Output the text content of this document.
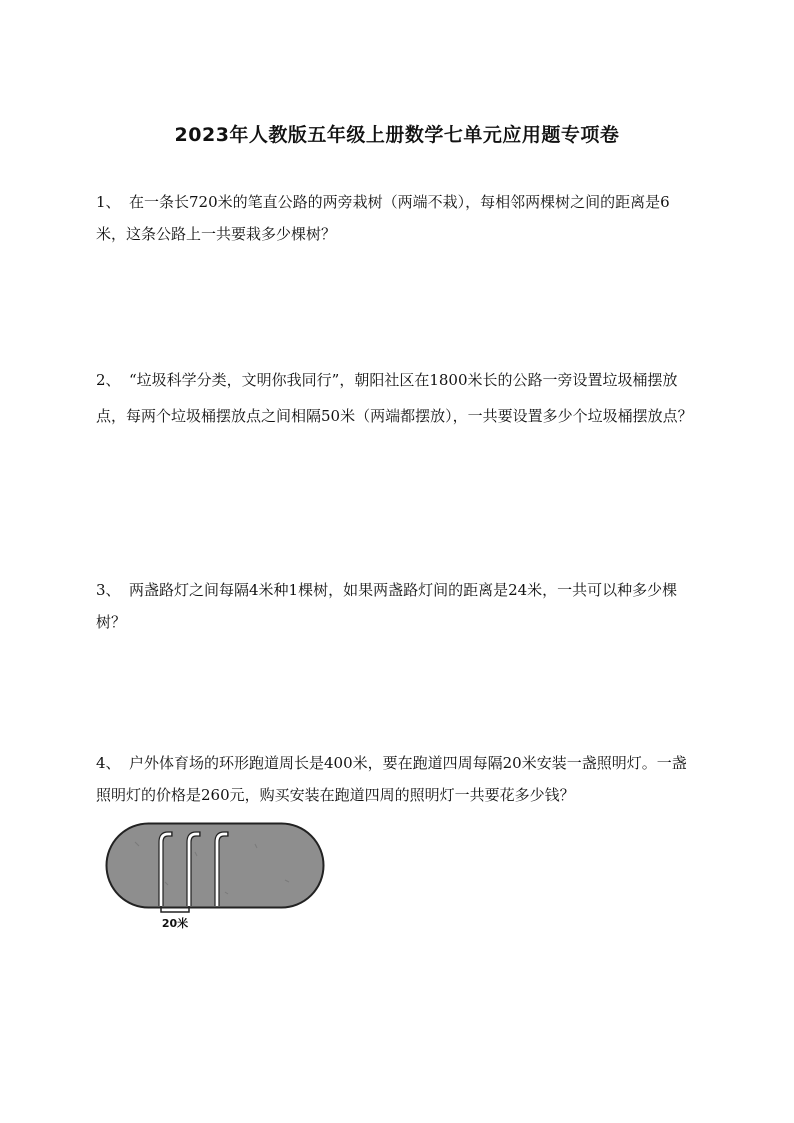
2023年人教版五年级上册数学七单元应用题专项卷
1、 在一条长720米的笔直公路的两旁栽树（两端不栽），每相邻两棵树之间的距离是6米，这条公路上一共要栽多少棵树？
2、 “垃圾科学分类，文明你我同行”，朝阳社区在1800米长的公路一旁设置垃圾桶摆放点，每两个垃圾桶摆放点之间相隔50米（两端都摆放），一共要设置多少个垃圾桶摆放点？
3、 两盏路灯之间每隔4米种1棵树，如果两盏路灯间的距离是24米，一共可以种多少棵树？
4、 户外体育场的环形跑道周长是400米，要在跑道四周每隔20米安装一盏照明灯。一盏照明灯的价格是260元，购买安装在跑道四周的照明灯一共要花多少钱？
20米
